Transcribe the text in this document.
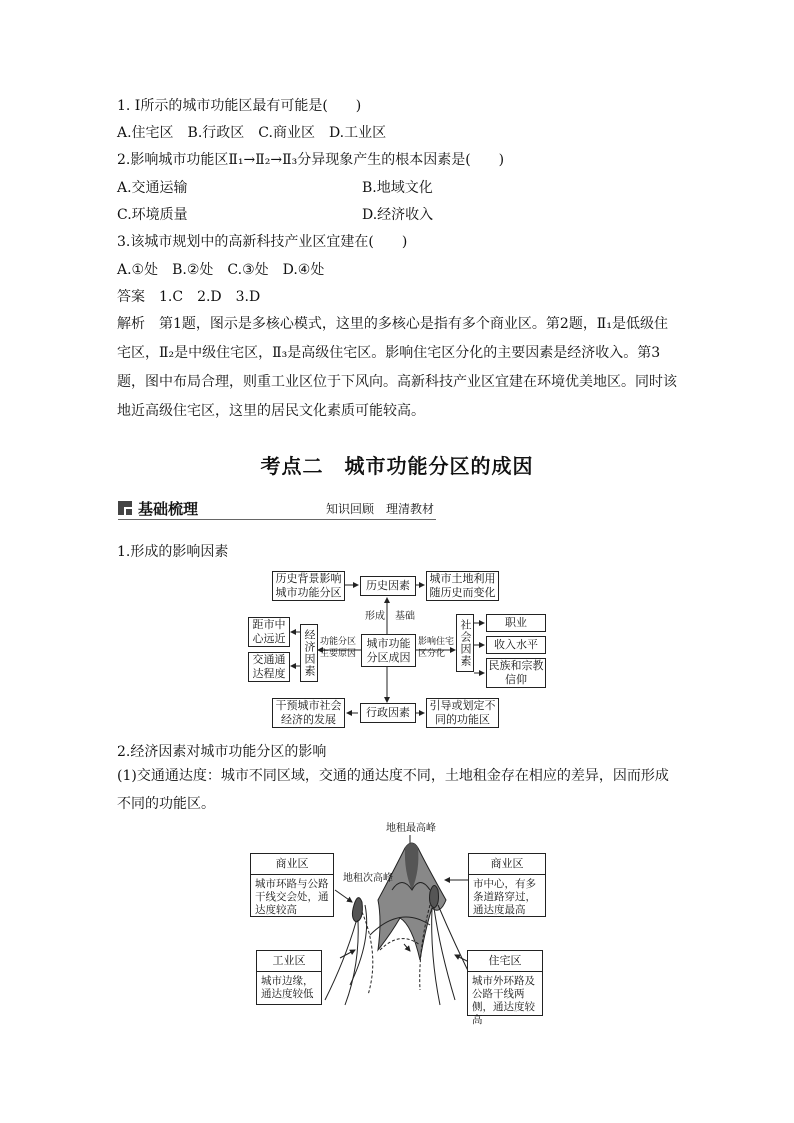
1. Ⅰ所示的城市功能区最有可能是(　　)
A.住宅区　B.行政区　C.商业区　D.工业区
2.影响城市功能区Ⅱ₁→Ⅱ₂→Ⅱ₃分异现象产生的根本因素是(　　)
A.交通运输	B.地域文化
C.环境质量	D.经济收入
3.该城市规划中的高新科技产业区宜建在(　　)
A.①处　B.②处　C.③处　D.④处
答案　1.C　2.D　3.D
解析　第1题，图示是多核心模式，这里的多核心是指有多个商业区。第2题，Ⅱ₁是低级住宅区，Ⅱ₂是中级住宅区，Ⅱ₃是高级住宅区。影响住宅区分化的主要因素是经济收入。第3题，图中布局合理，则重工业区位于下风向。高新科技产业区宜建在环境优美地区。同时该地近高级住宅区，这里的居民文化素质可能较高。
考点二　城市功能分区的成因
基础梳理	知识回顾　理清教材
1.形成的影响因素
历史背景影响城市功能分区
历史因素
城市土地利用随历史而变化
形成　基础
城市功能分区成因
经济因素
距市中心远近
交通通达程度
功能分区主要原因
影响住宅区分化	社会因素	职业
收入水平
民族和宗教信仰
干预城市社会经济的发展
行政因素
引导或划定不同的功能区
2.经济因素对城市功能分区的影响
(1)交通通达度：城市不同区域，交通的通达度不同，土地租金存在相应的差异，因而形成不同的功能区。
地租最高峰
地租次高峰
商业区
城市环路与公路干线交会处，通达度较高
商业区
市中心，有多条道路穿过，通达度最高
工业区
城市边缘，通达度较低
住宅区
城市外环路及公路干线两侧，通达度较高
